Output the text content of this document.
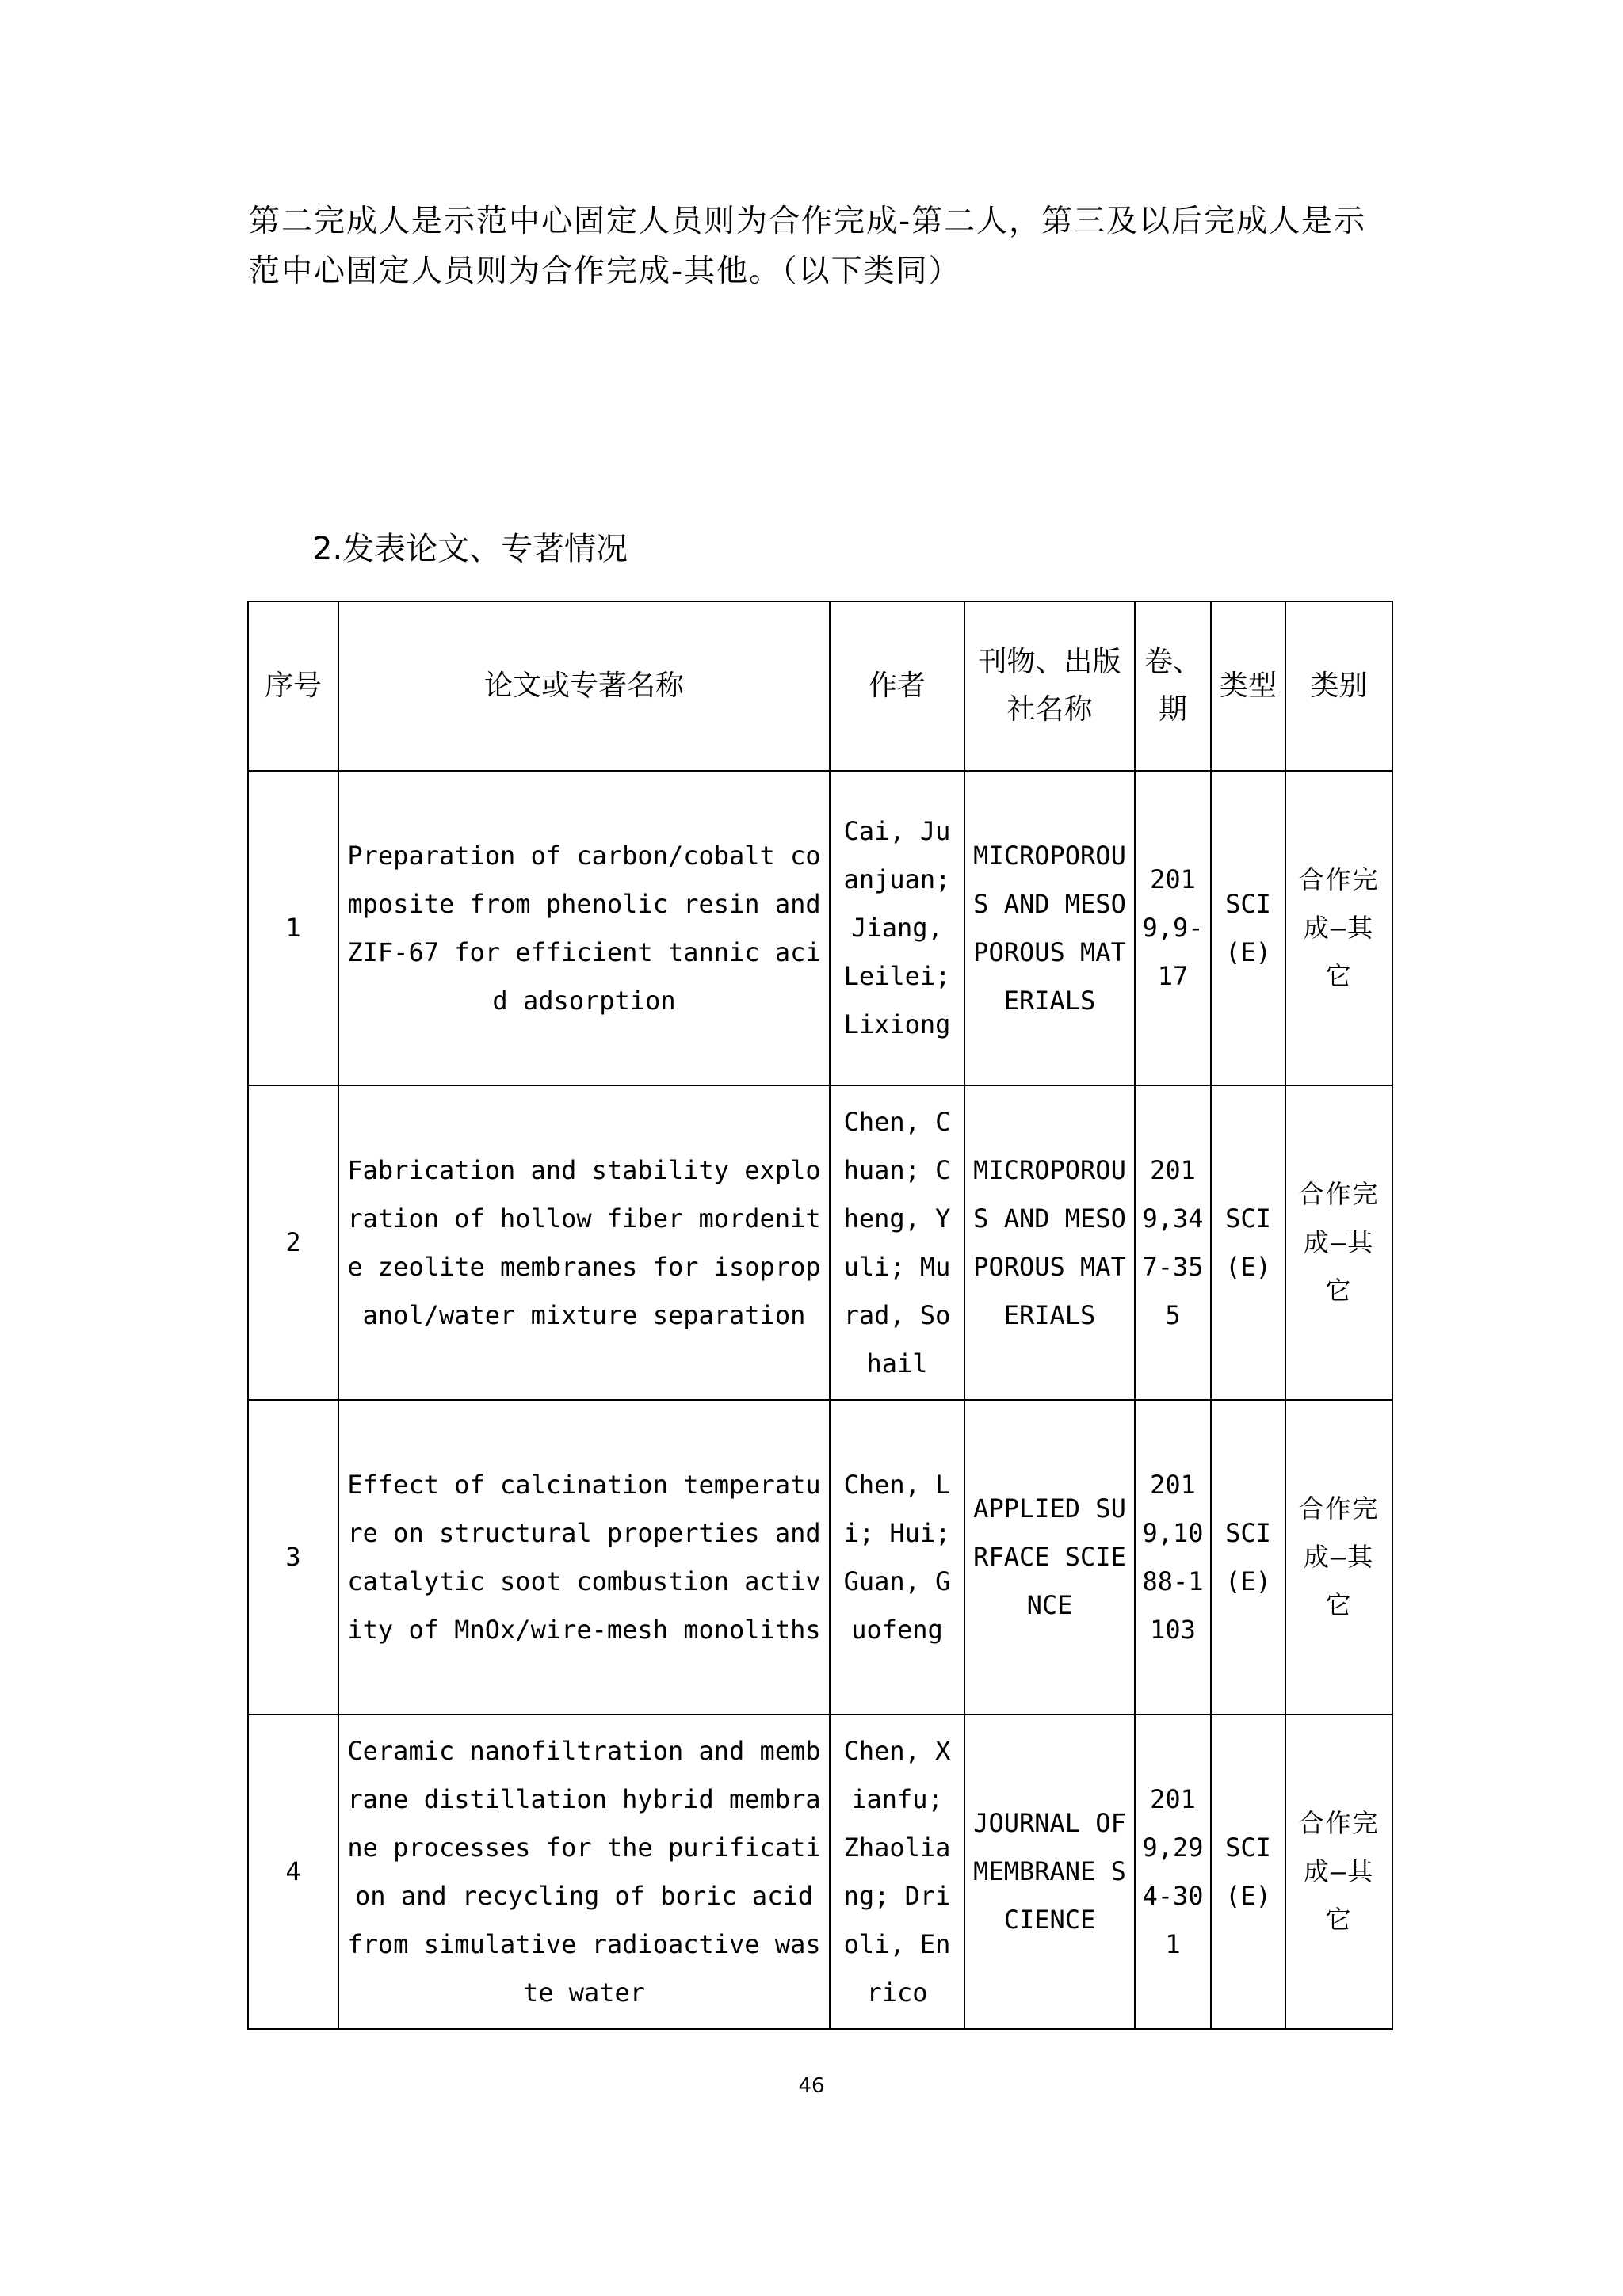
第二完成人是示范中心固定人员则为合作完成-第二人，第三及以后完成人是示

范中心固定人员则为合作完成-其他。（以下类同）

2.发表论文、专著情况
序号	论文或专著名称	作者	刊物、出版社名称	卷、期	类型	类别
1	Preparation of carbon/cobalt composite from phenolic resin and ZIF-67 for efficient tannic acid adsorption	Cai, Juanjuan; Jiang, Leilei; Lixiong	MICROPOROUS AND MESOPOROUS MATERIALS	2019,9-17	SCI(E)	合作完成—其它
2	Fabrication and stability exploration of hollow fiber mordenite zeolite membranes for isopropanol/water mixture separation	Chen, Chuan; Cheng, Yuli; Murad, Sohail	MICROPOROUS AND MESOPOROUS MATERIALS	2019,347-355	SCI(E)	合作完成—其它
3	Effect of calcination temperature on structural properties and catalytic soot combustion activity of MnOx/wire-mesh monoliths	Chen, Li; Hui; Guan, Guofeng	APPLIED SURFACE SCIENCE	2019,1088-1103	SCI(E)	合作完成—其它
4	Ceramic nanofiltration and membrane distillation hybrid membrane processes for the purification and recycling of boric acid from simulative radioactive waste water	Chen, Xianfu; Zhaoliang; Drioli, Enrico	JOURNAL OF MEMBRANE SCIENCE	2019,294-301	SCI(E)	合作完成—其它
46
